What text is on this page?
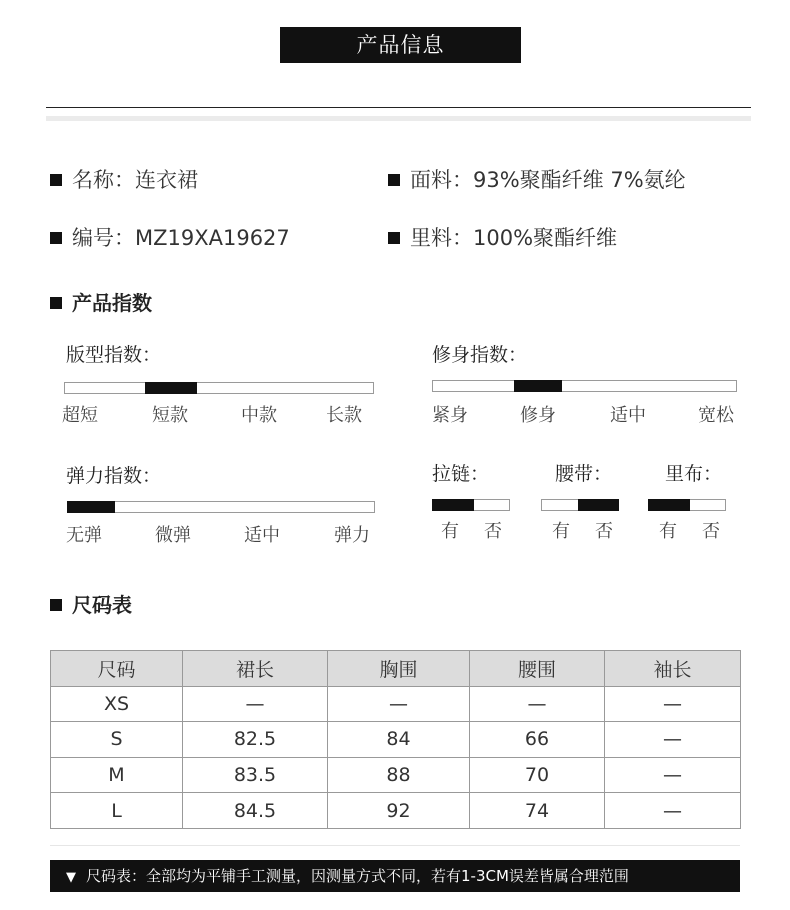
产品信息
名称：连衣裙	面料：93%聚酯纤维 7%氨纶
编号：MZ19XA19627	里料：100%聚酯纤维
产品指数
版型指数：
超短	短款	中款	长款
修身指数：
紧身	修身	适中	宽松
弹力指数：
无弹	微弹	适中	弹力
拉链：
有 否
腰带：
有 否
里布：
有 否
尺码表
尺码	裙长	胸围	腰围	袖长
XS	—	—	—	—
S	82.5	84	66	—
M	83.5	88	70	—
L	84.5	92	74	—
▼ 尺码表：全部均为平铺手工测量，因测量方式不同，若有1-3CM误差皆属合理范围
